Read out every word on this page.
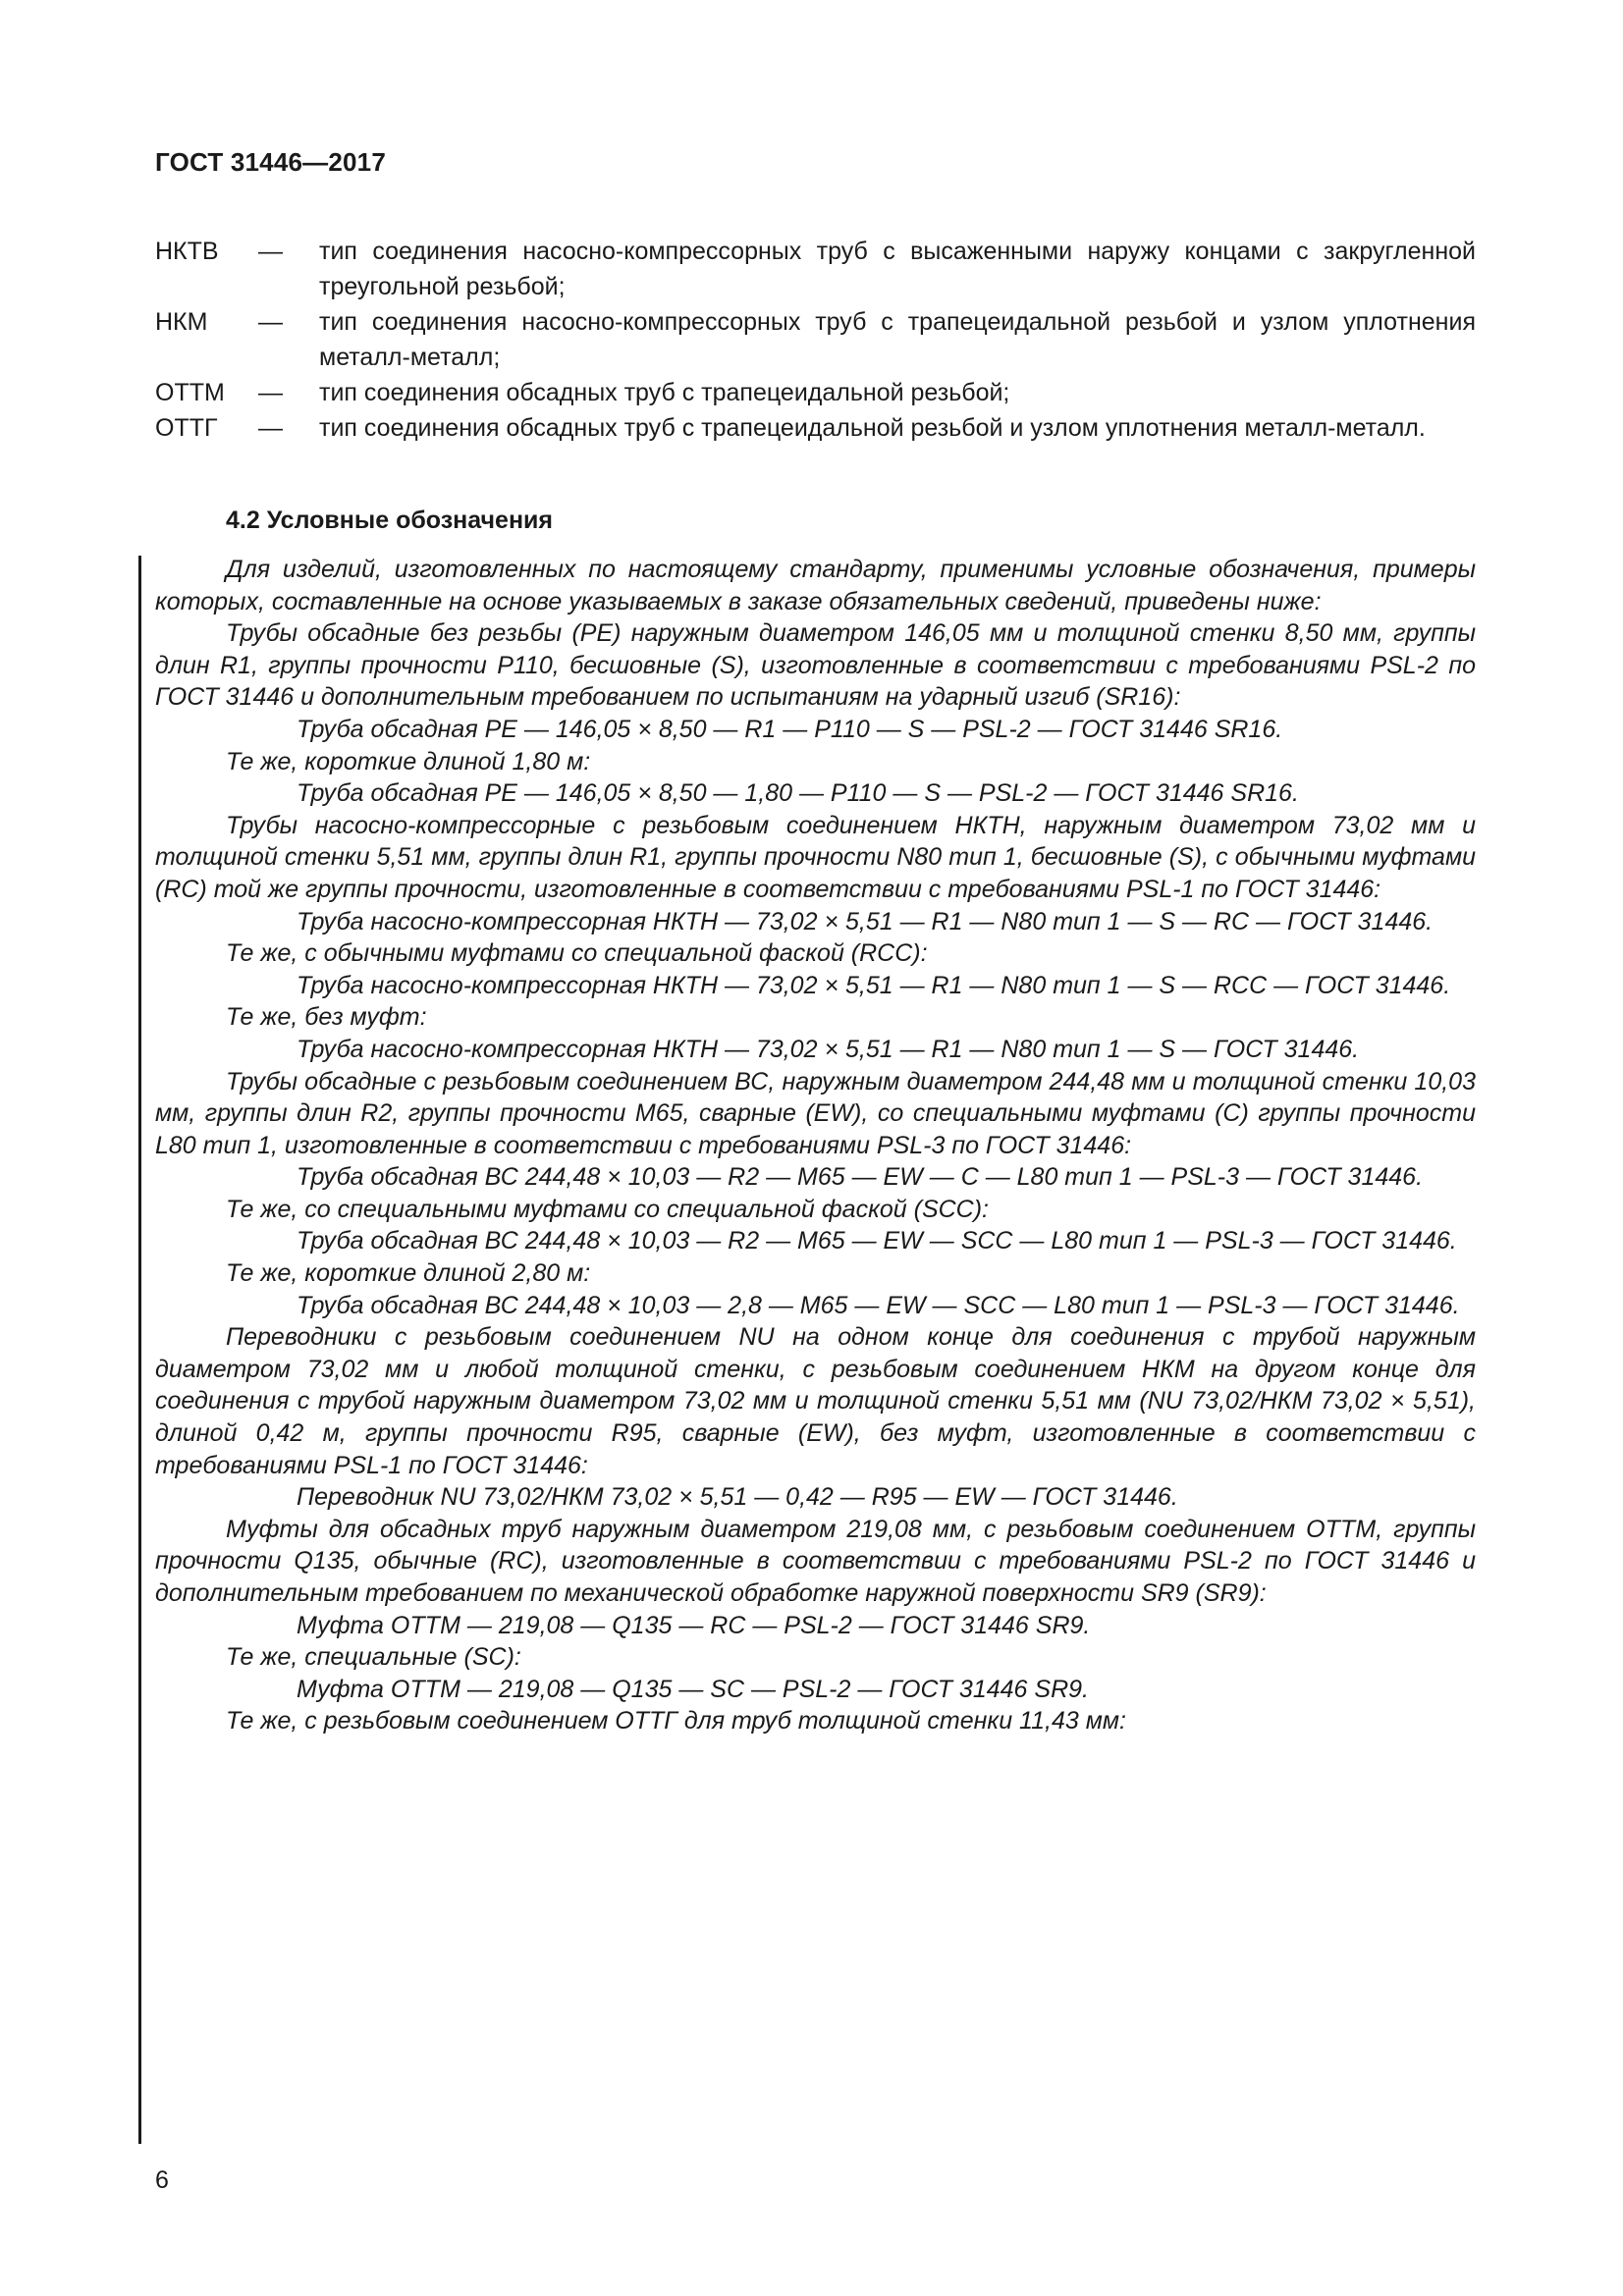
ГОСТ 31446—2017
НКТВ	—	тип соединения насосно-компрессорных труб с высаженными наружу концами с закругленной треугольной резьбой;
НКМ	—	тип соединения насосно-компрессорных труб с трапецеидальной резьбой и узлом уплотнения металл-металл;
ОТТМ	—	тип соединения обсадных труб с трапецеидальной резьбой;
ОТТГ	—	тип соединения обсадных труб с трапецеидальной резьбой и узлом уплотнения металл-металл.
4.2 Условные обозначения
Для изделий, изготовленных по настоящему стандарту, применимы условные обозначения, примеры которых, составленные на основе указываемых в заказе обязательных сведений, приведены ниже:
Трубы обсадные без резьбы (РЕ) наружным диаметром 146,05 мм и толщиной стенки 8,50 мм, группы длин R1, группы прочности Р110, бесшовные (S), изготовленные в соответствии с требованиями PSL-2 по ГОСТ 31446 и дополнительным требованием по испытаниям на ударный изгиб (SR16):
Труба обсадная РЕ — 146,05 × 8,50 — R1 — Р110 — S — PSL-2 — ГОСТ 31446 SR16.
Те же, короткие длиной 1,80 м:
Труба обсадная РЕ — 146,05 × 8,50 — 1,80 — Р110 — S — PSL-2 — ГОСТ 31446 SR16.
Трубы насосно-компрессорные с резьбовым соединением НКТН, наружным диаметром 73,02 мм и толщиной стенки 5,51 мм, группы длин R1, группы прочности N80 тип 1, бесшовные (S), с обычными муфтами (RC) той же группы прочности, изготовленные в соответствии с требованиями PSL-1 по ГОСТ 31446:
Труба насосно-компрессорная НКТН — 73,02 × 5,51 — R1 — N80 тип 1 — S — RC — ГОСТ 31446.
Те же, с обычными муфтами со специальной фаской (RCC):
Труба насосно-компрессорная НКТН — 73,02 × 5,51 — R1 — N80 тип 1 — S — RCC — ГОСТ 31446.
Те же, без муфт:
Труба насосно-компрессорная НКТН — 73,02 × 5,51 — R1 — N80 тип 1 — S — ГОСТ 31446.
Трубы обсадные с резьбовым соединением ВС, наружным диаметром 244,48 мм и толщиной стенки 10,03 мм, группы длин R2, группы прочности М65, сварные (EW), со специальными муфтами (С) группы прочности L80 тип 1, изготовленные в соответствии с требованиями PSL-3 по ГОСТ 31446:
Труба обсадная ВС 244,48 × 10,03 — R2 — М65 — EW — С — L80 тип 1 — PSL-3 — ГОСТ 31446.
Те же, со специальными муфтами со специальной фаской (SCC):
Труба обсадная ВС 244,48 × 10,03 — R2 — М65 — EW — SCC — L80 тип 1 — PSL-3 — ГОСТ 31446.
Те же, короткие длиной 2,80 м:
Труба обсадная ВС 244,48 × 10,03 — 2,8 — М65 — EW — SCC — L80 тип 1 — PSL-3 — ГОСТ 31446.
Переводники с резьбовым соединением NU на одном конце для соединения с трубой наружным диаметром 73,02 мм и любой толщиной стенки, с резьбовым соединением НКМ на другом конце для соединения с трубой наружным диаметром 73,02 мм и толщиной стенки 5,51 мм (NU 73,02/НКМ 73,02 × 5,51), длиной 0,42 м, группы прочности R95, сварные (EW), без муфт, изготовленные в соответствии с требованиями PSL-1 по ГОСТ 31446:
Переводник NU 73,02/НКМ 73,02 × 5,51 — 0,42 — R95 — EW — ГОСТ 31446.
Муфты для обсадных труб наружным диаметром 219,08 мм, с резьбовым соединением ОТТМ, группы прочности Q135, обычные (RC), изготовленные в соответствии с требованиями PSL-2 по ГОСТ 31446 и дополнительным требованием по механической обработке наружной поверхности SR9 (SR9):
Муфта ОТТМ — 219,08 — Q135 — RC — PSL-2 — ГОСТ 31446 SR9.
Те же, специальные (SC):
Муфта ОТТМ — 219,08 — Q135 — SC — PSL-2 — ГОСТ 31446 SR9.
Те же, с резьбовым соединением ОТТГ для труб толщиной стенки 11,43 мм:
6
